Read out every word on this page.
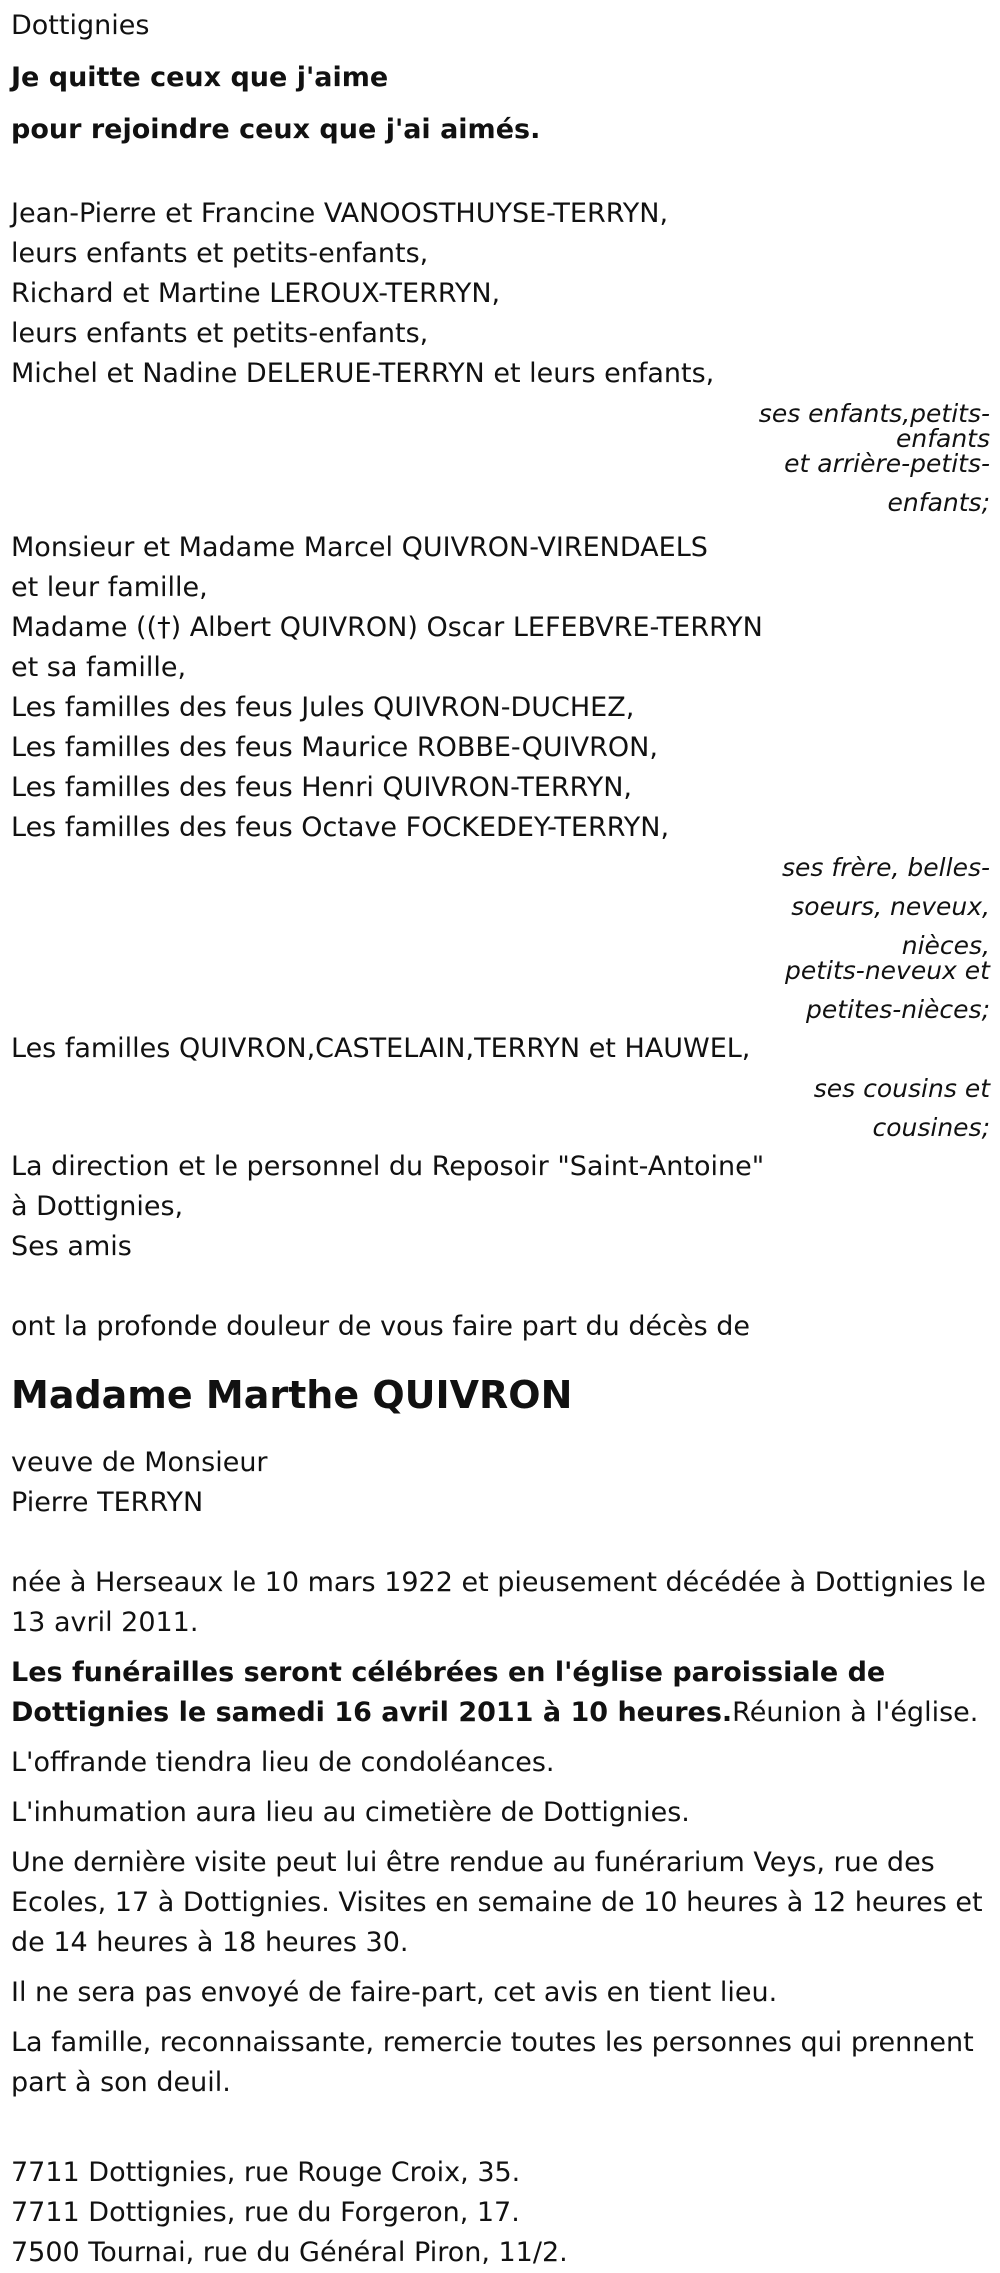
Dottignies
Je quitte ceux que j'aime
pour rejoindre ceux que j'ai aimés.
Jean-Pierre et Francine VANOOSTHUYSE-TERRYN,
leurs enfants et petits-enfants,
Richard et Martine LEROUX-TERRYN,
leurs enfants et petits-enfants,
Michel et Nadine DELERUE-TERRYN et leurs enfants,
ses enfants,petits-
enfants
et arrière-petits-
enfants;
Monsieur et Madame Marcel QUIVRON-VIRENDAELS
et leur famille,
Madame ((†) Albert QUIVRON) Oscar LEFEBVRE-TERRYN
et sa famille,
Les familles des feus Jules QUIVRON-DUCHEZ,
Les familles des feus Maurice ROBBE-QUIVRON,
Les familles des feus Henri QUIVRON-TERRYN,
Les familles des feus Octave FOCKEDEY-TERRYN,
ses frère, belles-
soeurs, neveux,
nièces,
petits-neveux et
petites-nièces;
Les familles QUIVRON,CASTELAIN,TERRYN et HAUWEL,
ses cousins et
cousines;
La direction et le personnel du Reposoir "Saint-Antoine"
à Dottignies,
Ses amis
ont la profonde douleur de vous faire part du décès de
Madame Marthe QUIVRON
veuve de Monsieur
Pierre TERRYN
née à Herseaux le 10 mars 1922 et pieusement décédée à Dottignies le 13 avril 2011.
Les funérailles seront célébrées en l'église paroissiale de Dottignies le samedi 16 avril 2011 à 10 heures.Réunion à l'église.
L'offrande tiendra lieu de condoléances.
L'inhumation aura lieu au cimetière de Dottignies.
Une dernière visite peut lui être rendue au funérarium Veys, rue des Ecoles, 17 à Dottignies. Visites en semaine de 10 heures à 12 heures et de 14 heures à 18 heures 30.
Il ne sera pas envoyé de faire-part, cet avis en tient lieu.
La famille, reconnaissante, remercie toutes les personnes qui prennent part à son deuil.
7711 Dottignies, rue Rouge Croix, 35.
7711 Dottignies, rue du Forgeron, 17.
7500 Tournai, rue du Général Piron, 11/2.
